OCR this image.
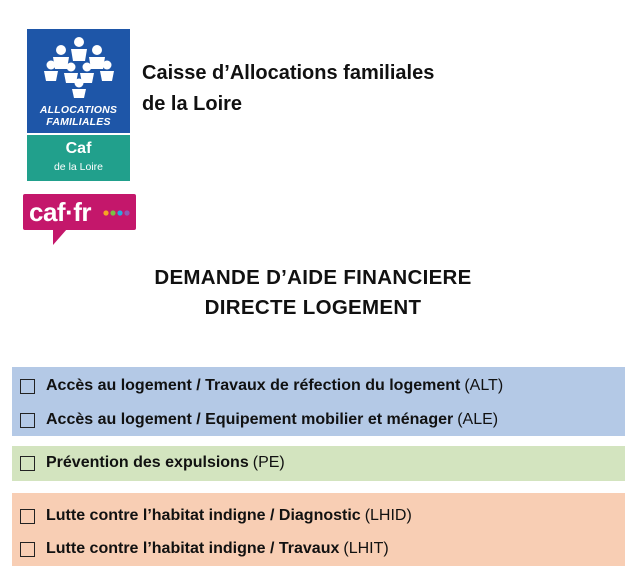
ALLOCATIONS
FAMILIALES
Caf
de la Loire
Caisse d’Allocations familiales
de la Loire
caf·fr
DEMANDE D’AIDE FINANCIERE
DIRECTE LOGEMENT
Accès au logement / Travaux de réfection du logement (ALT)
Accès au logement / Equipement mobilier et ménager (ALE)
Prévention des expulsions (PE)
Lutte contre l’habitat indigne / Diagnostic (LHID)
Lutte contre l’habitat indigne / Travaux (LHIT)
